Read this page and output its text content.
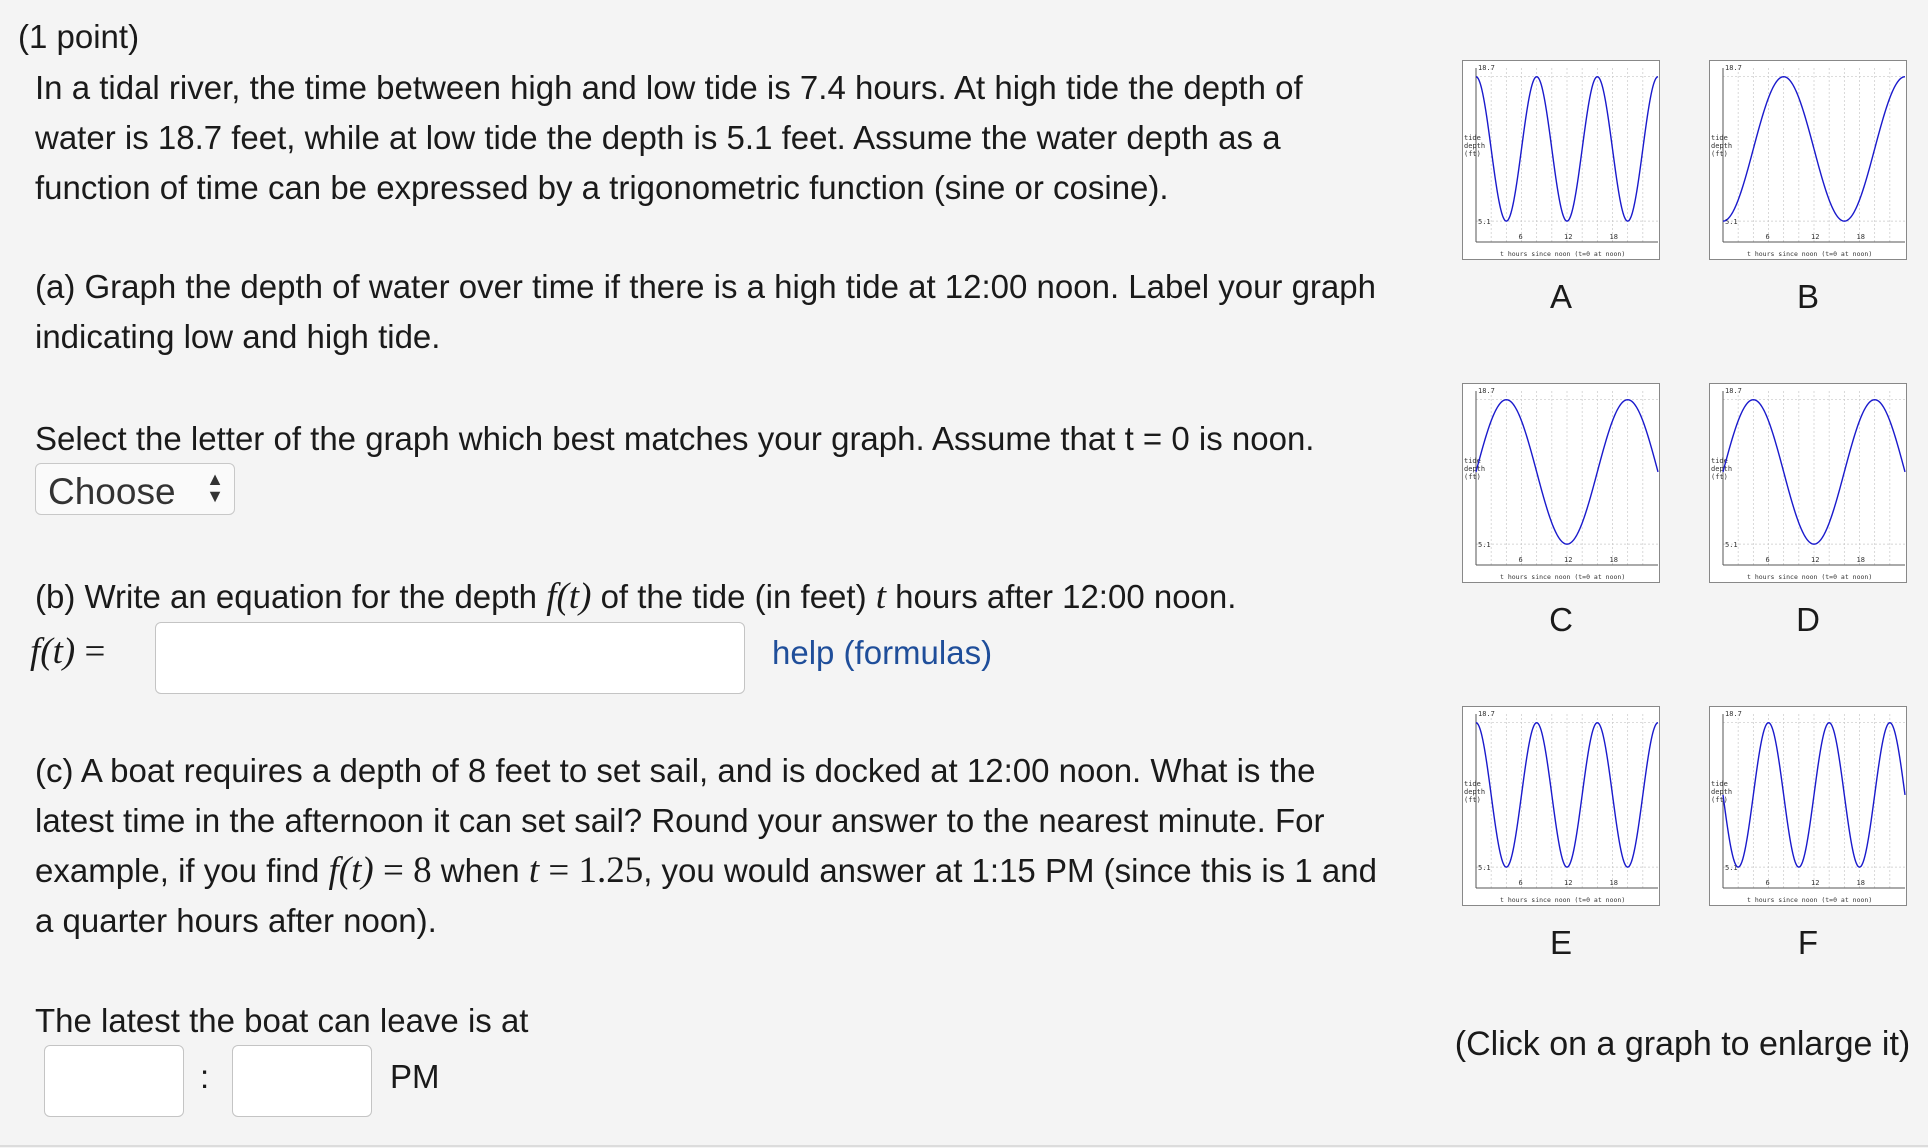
(1 point)

In a tidal river, the time between high and low tide is 7.4 hours. At high tide the depth of water is 18.7 feet, while at low tide the depth is 5.1 feet. Assume the water depth as a function of time can be expressed by a trigonometric function (sine or cosine).

(a) Graph the depth of water over time if there is a high tide at 12:00 noon. Label your graph indicating low and high tide.

Select the letter of the graph which best matches your graph. Assume that t = 0 is noon. Choose ▲
▼

(b) Write an equation for the depth f(t) of the tide (in feet) t hours after 12:00 noon.

f(t) =	help (formulas)

(c) A boat requires a depth of 8 feet to set sail, and is docked at 12:00 noon. What is the latest time in the afternoon it can set sail? Round your answer to the nearest minute. For example, if you find f(t) = 8 when t = 1.25, you would answer at 1:15 PM (since this is 1 and a quarter hours after noon).

The latest the boat can leave is at

:	PM
18.7
5.1
tide
depth
(ft)
6	12	18
t hours since noon (t=0 at noon)
A
18.7
5.1
tide
depth
(ft)
6	12	18
t hours since noon (t=0 at noon)
B
18.7
5.1
tide
depth
(ft)
6	12	18
t hours since noon (t=0 at noon)
C
18.7
5.1
tide
depth
(ft)
6	12	18
t hours since noon (t=0 at noon)
D
18.7
5.1
tide
depth
(ft)
6	12	18
t hours since noon (t=0 at noon)
E
18.7
5.1
tide
depth
(ft)
6	12	18
t hours since noon (t=0 at noon)
F
(Click on a graph to enlarge it)
